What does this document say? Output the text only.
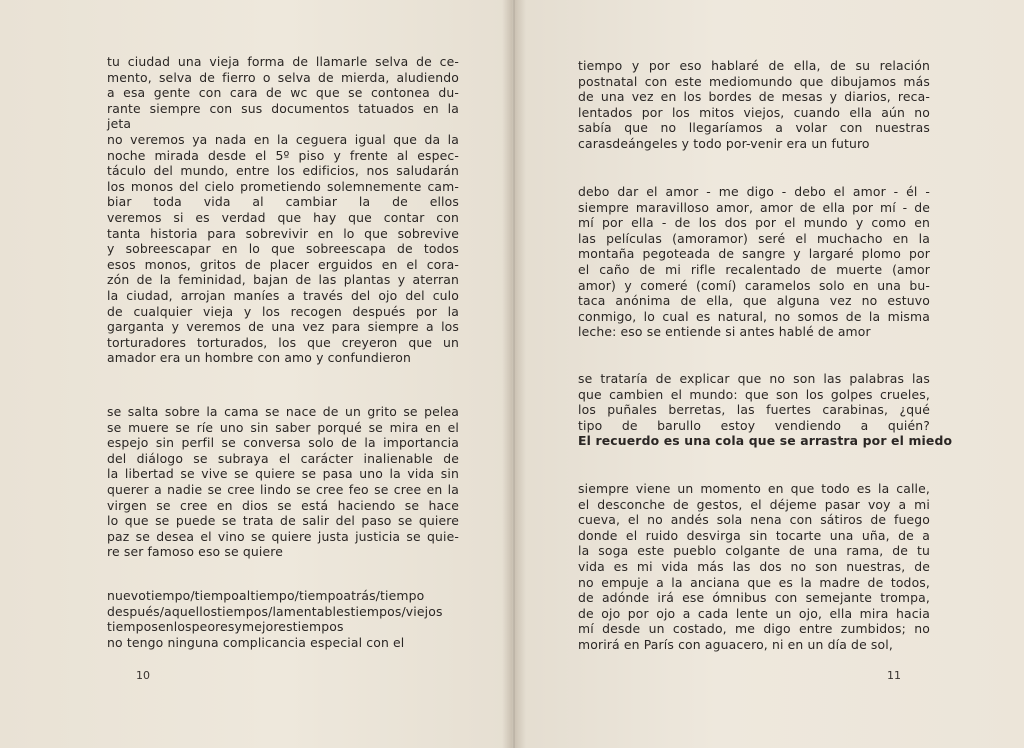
tu ciudad una vieja forma de llamarle selva de ce-
mento, selva de fierro o selva de mierda, aludiendo
a esa gente con cara de wc que se contonea du-
rante siempre con sus documentos tatuados en la
jeta
no veremos ya nada en la ceguera igual que da la
noche mirada desde el 5º piso y frente al espec-
táculo del mundo, entre los edificios, nos saludarán
los monos del cielo prometiendo solemnemente cam-
biar toda vida al cambiar la de ellos
veremos si es verdad que hay que contar con
tanta historia para sobrevivir en lo que sobrevive
y sobreescapar en lo que sobreescapa de todos
esos monos, gritos de placer erguidos en el cora-
zón de la feminidad, bajan de las plantas y aterran
la ciudad, arrojan maníes a través del ojo del culo
de cualquier vieja y los recogen después por la
garganta y veremos de una vez para siempre a los
torturadores torturados, los que creyeron que un
amador era un hombre con amo y confundieron
se salta sobre la cama se nace de un grito se pelea
se muere se ríe uno sin saber porqué se mira en el
espejo sin perfil se conversa solo de la importancia
del diálogo se subraya el carácter inalienable de
la libertad se vive se quiere se pasa uno la vida sin
querer a nadie se cree lindo se cree feo se cree en la
virgen se cree en dios se está haciendo se hace
lo que se puede se trata de salir del paso se quiere
paz se desea el vino se quiere justa justicia se quie-
re ser famoso eso se quiere
nuevotiempo/tiempoaltiempo/tiempoatrás/tiempo
después/aquellostiempos/lamentablestiempos/viejos
tiemposenlospeoresymejorestiempos
no tengo ninguna complicancia especial con el
10
tiempo y por eso hablaré de ella, de su relación
postnatal con este mediomundo que dibujamos más
de una vez en los bordes de mesas y diarios, reca-
lentados por los mitos viejos, cuando ella aún no
sabía que no llegaríamos a volar con nuestras
carasdeángeles y todo por-venir era un futuro
debo dar el amor - me digo - debo el amor - él -
siempre maravilloso amor, amor de ella por mí - de
mí por ella - de los dos por el mundo y como en
las películas (amoramor) seré el muchacho en la
montaña pegoteada de sangre y largaré plomo por
el caño de mi rifle recalentado de muerte (amor
amor) y comeré (comí) caramelos solo en una bu-
taca anónima de ella, que alguna vez no estuvo
conmigo, lo cual es natural, no somos de la misma
leche: eso se entiende si antes hablé de amor
se trataría de explicar que no son las palabras las
que cambien el mundo: que son los golpes crueles,
los puñales berretas, las fuertes carabinas, ¿qué
tipo de barullo estoy vendiendo a quién?
El recuerdo es una cola que se arrastra por el miedo
siempre viene un momento en que todo es la calle,
el desconche de gestos, el déjeme pasar voy a mi
cueva, el no andés sola nena con sátiros de fuego
donde el ruido desvirga sin tocarte una uña, de a
la soga este pueblo colgante de una rama, de tu
vida es mi vida más las dos no son nuestras, de
no empuje a la anciana que es la madre de todos,
de adónde irá ese ómnibus con semejante trompa,
de ojo por ojo a cada lente un ojo, ella mira hacia
mí desde un costado, me digo entre zumbidos; no
morirá en París con aguacero, ni en un día de sol,
11
